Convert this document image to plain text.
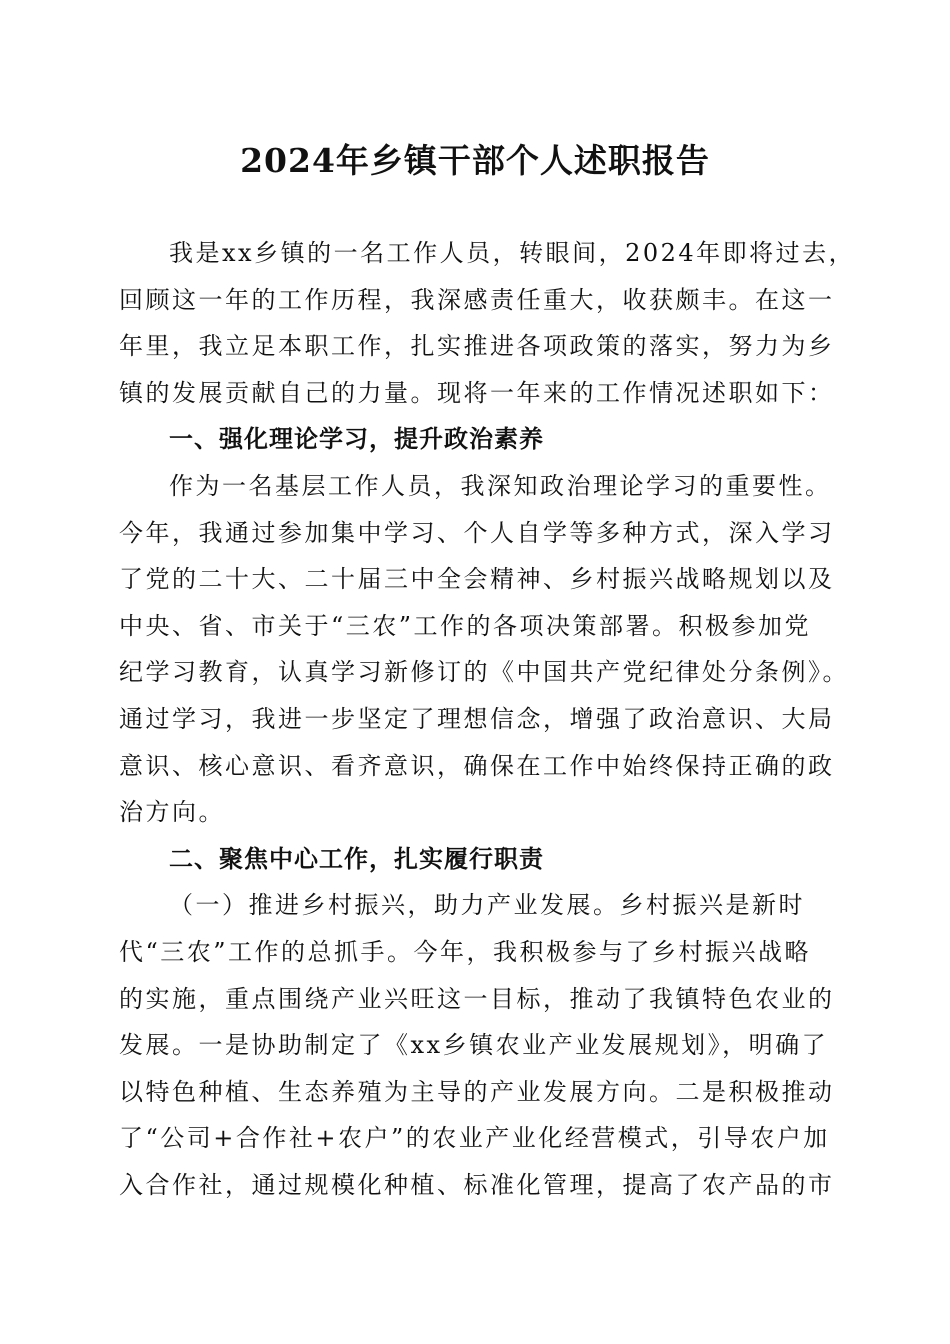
2024年乡镇干部个人述职报告
我是xx乡镇的一名工作人员，转眼间，2024年即将过去，
回顾这一年的工作历程，我深感责任重大，收获颇丰。在这一
年里，我立足本职工作，扎实推进各项政策的落实，努力为乡
镇的发展贡献自己的力量。现将一年来的工作情况述职如下：
一、强化理论学习，提升政治素养
作为一名基层工作人员，我深知政治理论学习的重要性。
今年，我通过参加集中学习、个人自学等多种方式，深入学习
了党的二十大、二十届三中全会精神、乡村振兴战略规划以及
中央、省、市关于“三农”工作的各项决策部署。积极参加党
纪学习教育，认真学习新修订的《中国共产党纪律处分条例》。
通过学习，我进一步坚定了理想信念，增强了政治意识、大局
意识、核心意识、看齐意识，确保在工作中始终保持正确的政
治方向。
二、聚焦中心工作，扎实履行职责
（一）推进乡村振兴，助力产业发展。乡村振兴是新时
代“三农”工作的总抓手。今年，我积极参与了乡村振兴战略
的实施，重点围绕产业兴旺这一目标，推动了我镇特色农业的
发展。一是协助制定了《xx乡镇农业产业发展规划》，明确了
以特色种植、生态养殖为主导的产业发展方向。二是积极推动
了“公司+合作社+农户”的农业产业化经营模式，引导农户加
入合作社，通过规模化种植、标准化管理，提高了农产品的市
